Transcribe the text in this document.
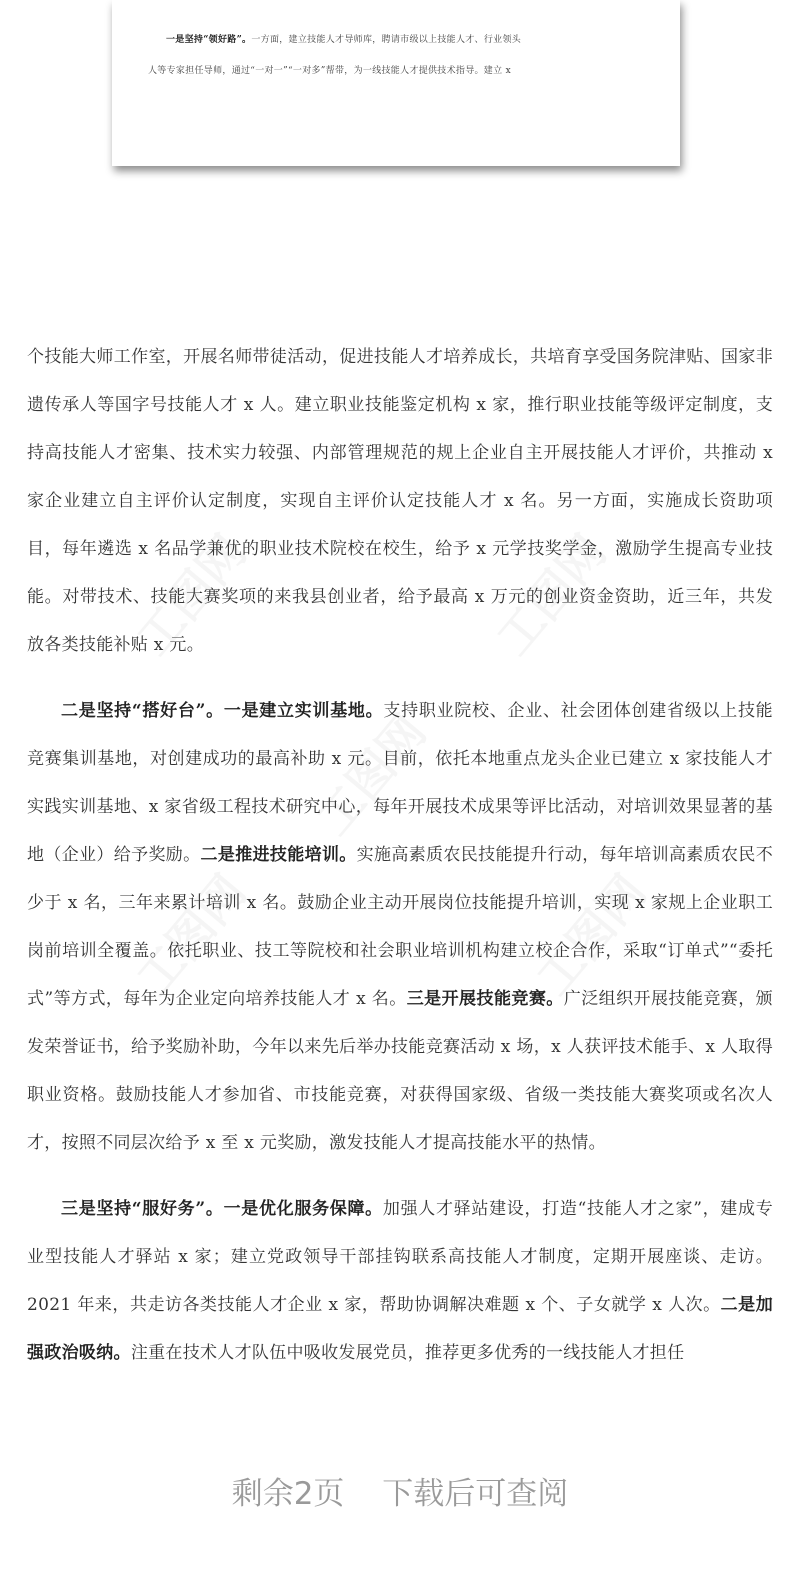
一是坚持“领好路”。一方面，建立技能人才导师库，聘请市级以上技能人才、行业领头

人等专家担任导师，通过“一对一”“一对多”帮带，为一线技能人才提供技术指导。建立 x

个技能大师工作室，开展名师带徒活动，促进技能人才培养成长，共培育享受国务院津贴、国家非遗传承人等国字号技能人才 x 人。建立职业技能鉴定机构 x 家，推行职业技能等级评定制度，支持高技能人才密集、技术实力较强、内部管理规范的规上企业自主开展技能人才评价，共推动 x 家企业建立自主评价认定制度，实现自主评价认定技能人才 x 名。另一方面，实施成长资助项目，每年遴选 x 名品学兼优的职业技术院校在校生，给予 x 元学技奖学金，激励学生提高专业技能。对带技术、技能大赛奖项的来我县创业者，给予最高 x 万元的创业资金资助，近三年，共发放各类技能补贴 x 元。

二是坚持“搭好台”。一是建立实训基地。支持职业院校、企业、社会团体创建省级以上技能竞赛集训基地，对创建成功的最高补助 x 元。目前，依托本地重点龙头企业已建立 x 家技能人才实践实训基地、x 家省级工程技术研究中心，每年开展技术成果等评比活动，对培训效果显著的基地（企业）给予奖励。二是推进技能培训。实施高素质农民技能提升行动，每年培训高素质农民不少于 x 名，三年来累计培训 x 名。鼓励企业主动开展岗位技能提升培训，实现 x 家规上企业职工岗前培训全覆盖。依托职业、技工等院校和社会职业培训机构建立校企合作，采取“订单式”“委托式”等方式，每年为企业定向培养技能人才 x 名。三是开展技能竞赛。广泛组织开展技能竞赛，颁发荣誉证书，给予奖励补助，今年以来先后举办技能竞赛活动 x 场，x 人获评技术能手、x 人取得职业资格。鼓励技能人才参加省、市技能竞赛，对获得国家级、省级一类技能大赛奖项或名次人才，按照不同层次给予 x 至 x 元奖励，激发技能人才提高技能水平的热情。

三是坚持“服好务”。一是优化服务保障。加强人才驿站建设，打造“技能人才之家”，建成专业型技能人才驿站 x 家；建立党政领导干部挂钩联系高技能人才制度，定期开展座谈、走访。2021 年来，共走访各类技能人才企业 x 家，帮助协调解决难题 x 个、子女就学 x 人次。二是加强政治吸纳。注重在技术人才队伍中吸收发展党员，推荐更多优秀的一线技能人才担任

剩余2页 下载后可查阅
